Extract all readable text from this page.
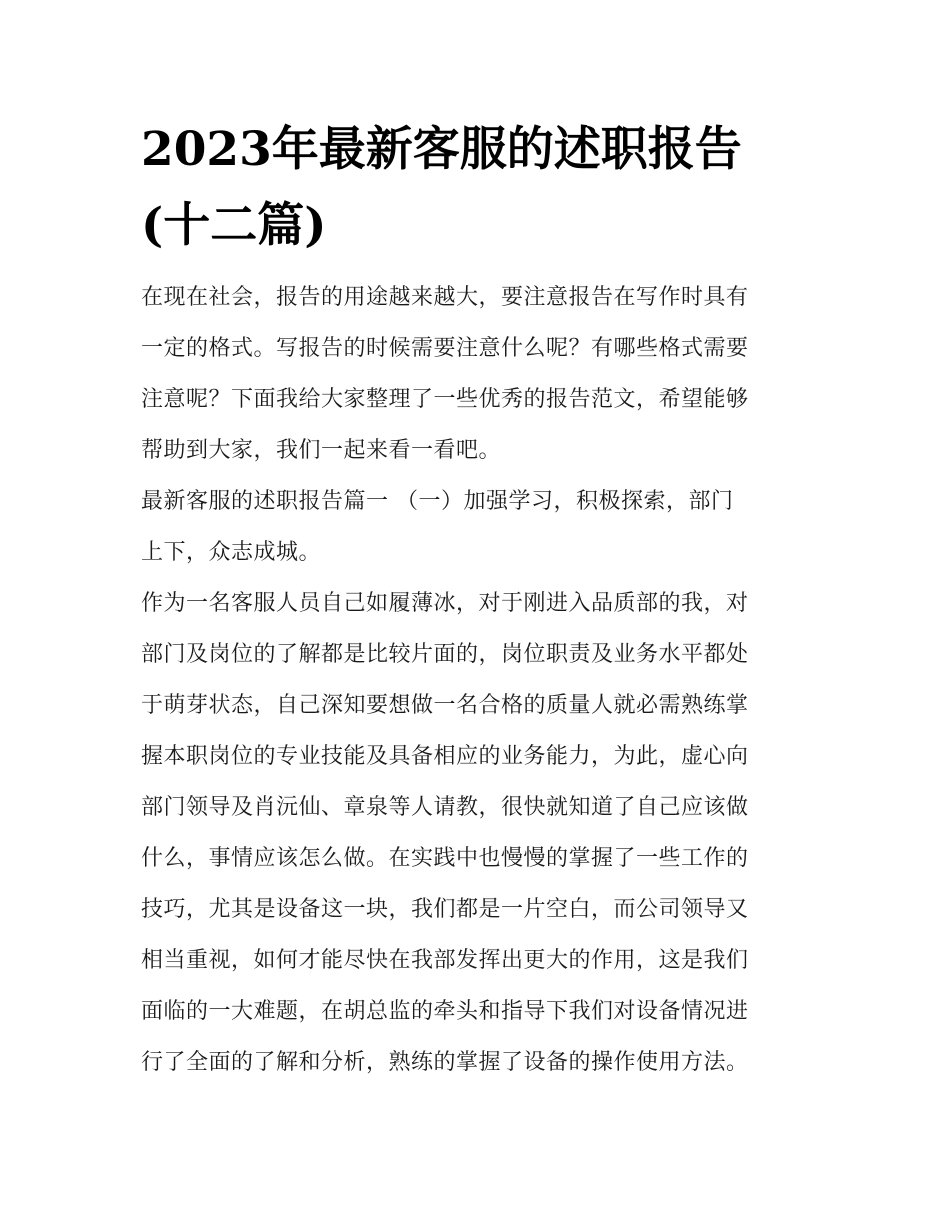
2023年最新客服的述职报告
(十二篇)

在现在社会，报告的用途越来越大，要注意报告在写作时具有
一定的格式。写报告的时候需要注意什么呢？有哪些格式需要
注意呢？下面我给大家整理了一些优秀的报告范文，希望能够
帮助到大家，我们一起来看一看吧。

最新客服的述职报告篇一 （一）加强学习，积极探索，部门
上下，众志成城。

作为一名客服人员自己如履薄冰，对于刚进入品质部的我，对
部门及岗位的了解都是比较片面的，岗位职责及业务水平都处
于萌芽状态，自己深知要想做一名合格的质量人就必需熟练掌
握本职岗位的专业技能及具备相应的业务能力，为此，虚心向
部门领导及肖沅仙、章泉等人请教，很快就知道了自己应该做
什么，事情应该怎么做。在实践中也慢慢的掌握了一些工作的
技巧，尤其是设备这一块，我们都是一片空白，而公司领导又
相当重视，如何才能尽快在我部发挥出更大的作用，这是我们
面临的一大难题，在胡总监的牵头和指导下我们对设备情况进
行了全面的了解和分析，熟练的掌握了设备的操作使用方法。
